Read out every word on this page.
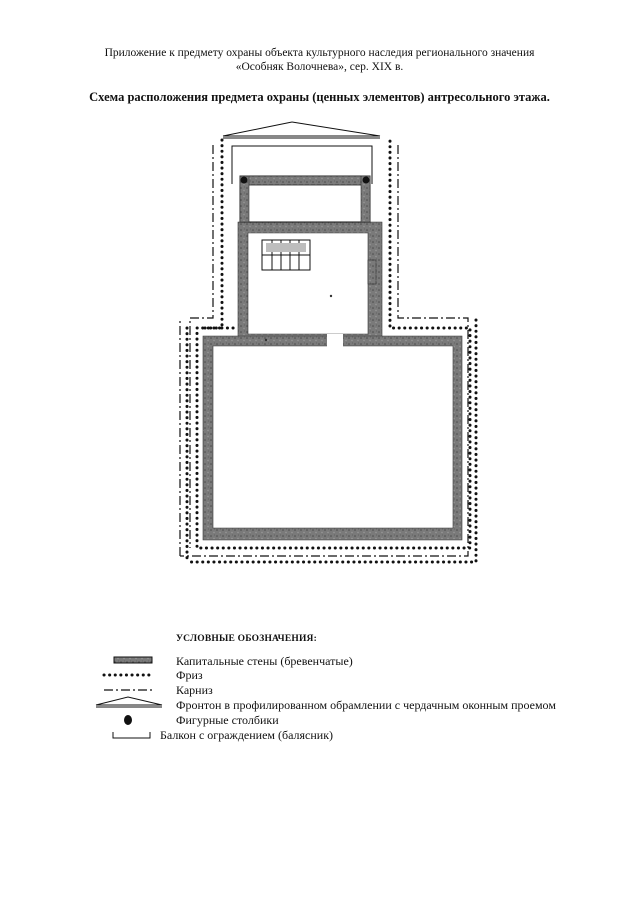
Приложение к предмету охраны объекта культурного наследия регионального значения
«Особняк Волочнева», сер. XIX в.
Схема расположения предмета охраны (ценных элементов) антресольного этажа.
УСЛОВНЫЕ ОБОЗНАЧЕНИЯ:
Капитальные стены (бревенчатые)
Фриз
Карниз
Фронтон в профилированном обрамлении с чердачным оконным проемом
Фигурные столбики
Балкон с ограждением (балясник)
